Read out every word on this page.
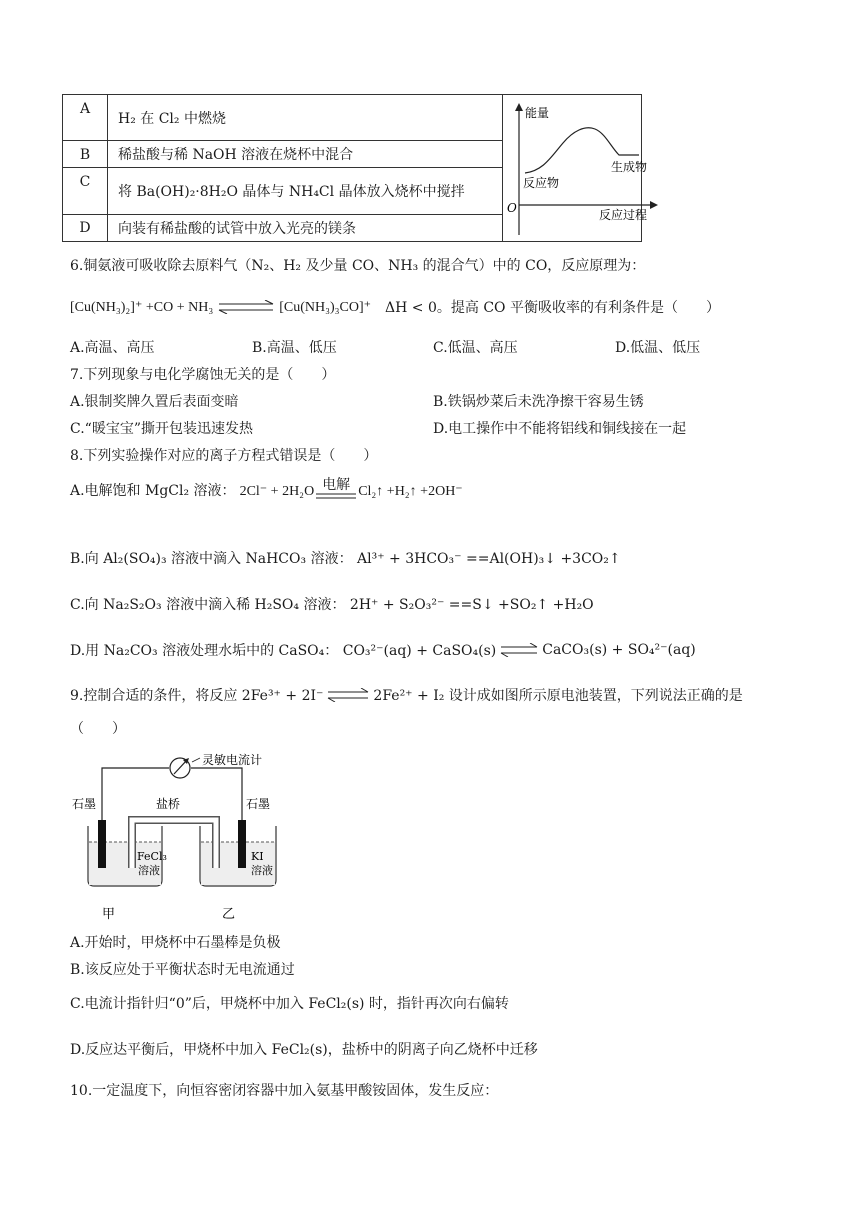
A	H₂ 在 Cl₂ 中燃烧	能量
O
反应物
生成物
反应过程

B	稀盐酸与稀 NaOH 溶液在烧杯中混合	
C	将 Ba(OH)₂·8H₂O 晶体与 NH₄Cl 晶体放入烧杯中搅拌	
D	向装有稀盐酸的试管中放入光亮的镁条	
6.铜氨液可吸收除去原料气（N₂、H₂ 及少量 CO、NH₃ 的混合气）中的 CO，反应原理为：
[Cu(NH₃)₂]⁺ +CO + NH₃	[Cu(NH₃)₃CO]⁺ ΔH < 0。提高 CO 平衡吸收率的有利条件是（　　）
A.高温、高压	B.高温、低压	C.低温、高压	D.低温、低压
7.下列现象与电化学腐蚀无关的是（　　）
A.银制奖牌久置后表面变暗	B.铁锅炒菜后未洗净擦干容易生锈
C.“暖宝宝”撕开包装迅速发热	D.电工操作中不能将铝线和铜线接在一起
8.下列实验操作对应的离子方程式错误是（　　）
A.电解饱和 MgCl₂ 溶液： 2Cl⁻ + 2H₂O 电解 Cl₂↑ +H₂↑ +2OH⁻
B.向 Al₂(SO₄)₃ 溶液中滴入 NaHCO₃ 溶液： Al³⁺ + 3HCO₃⁻ ==Al(OH)₃↓ +3CO₂↑
C.向 Na₂S₂O₃ 溶液中滴入稀 H₂SO₄ 溶液： 2H⁺ + S₂O₃²⁻ ==S↓ +SO₂↑ +H₂O
D.用 Na₂CO₃ 溶液处理水垢中的 CaSO₄： CO₃²⁻(aq) + CaSO₄(s) ⇌ CaCO₃(s) + SO₄²⁻(aq)
9.控制合适的条件，将反应 2Fe³⁺ + 2I⁻ ⇌ 2Fe²⁺ + I₂ 设计成如图所示原电池装置，下列说法正确的是
（　　）
灵敏电流计
石墨	石墨
盐桥
FeCl₃
溶液
KI
溶液
甲	乙
A.开始时，甲烧杯中石墨棒是负极
B.该反应处于平衡状态时无电流通过
C.电流计指针归“0”后，甲烧杯中加入 FeCl₂(s) 时，指针再次向右偏转
D.反应达平衡后，甲烧杯中加入 FeCl₂(s)，盐桥中的阴离子向乙烧杯中迁移
10.一定温度下，向恒容密闭容器中加入氨基甲酸铵固体，发生反应：
